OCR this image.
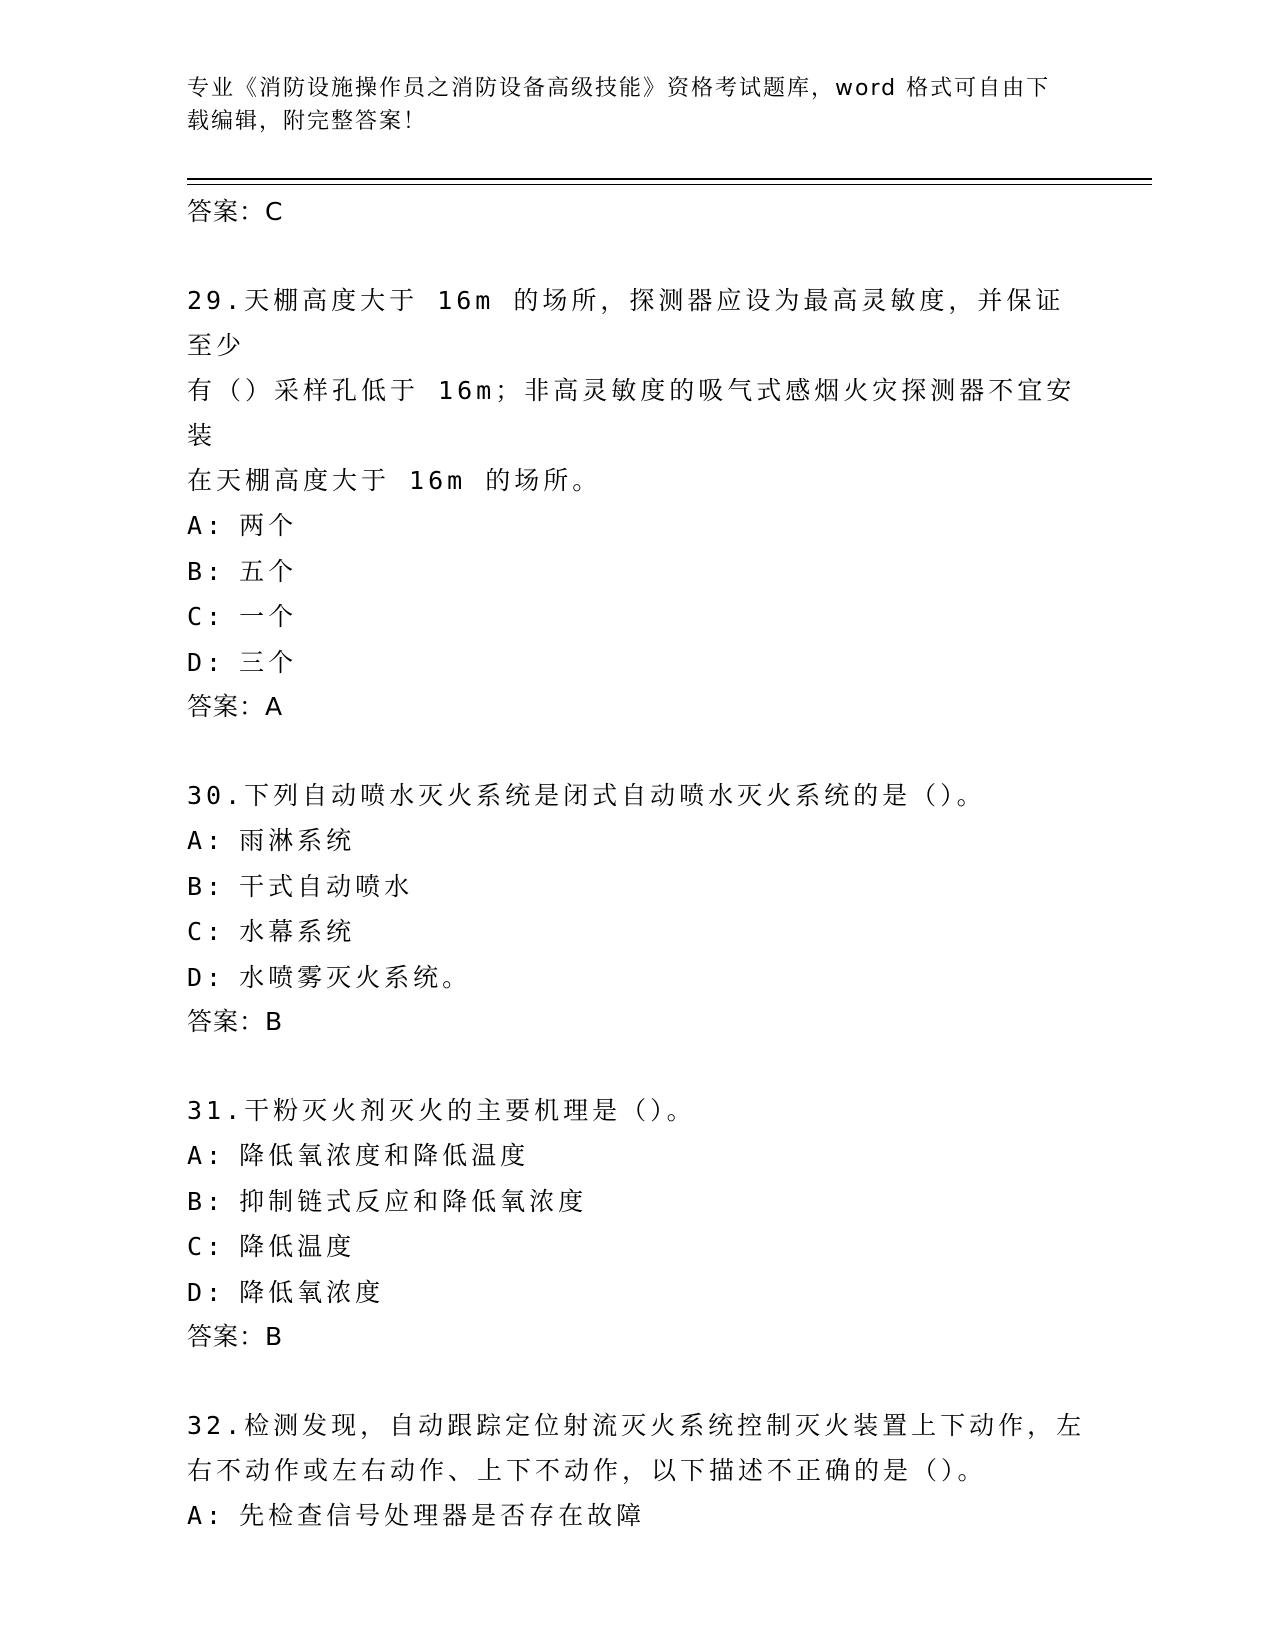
专业《消防设施操作员之消防设备高级技能》资格考试题库，word 格式可自由下
载编辑，附完整答案！
答案：C
29.天棚高度大于 16m 的场所，探测器应设为最高灵敏度，并保证至少
有（）采样孔低于 16m；非高灵敏度的吸气式感烟火灾探测器不宜安装
在天棚高度大于 16m 的场所。
A: 两个
B: 五个
C: 一个
D: 三个
答案：A
30.下列自动喷水灭火系统是闭式自动喷水灭火系统的是（）。
A: 雨淋系统
B: 干式自动喷水
C: 水幕系统
D: 水喷雾灭火系统。
答案：B
31.干粉灭火剂灭火的主要机理是（）。
A: 降低氧浓度和降低温度
B: 抑制链式反应和降低氧浓度
C: 降低温度
D: 降低氧浓度
答案：B
32.检测发现，自动跟踪定位射流灭火系统控制灭火装置上下动作，左
右不动作或左右动作、上下不动作，以下描述不正确的是（）。
A: 先检查信号处理器是否存在故障
